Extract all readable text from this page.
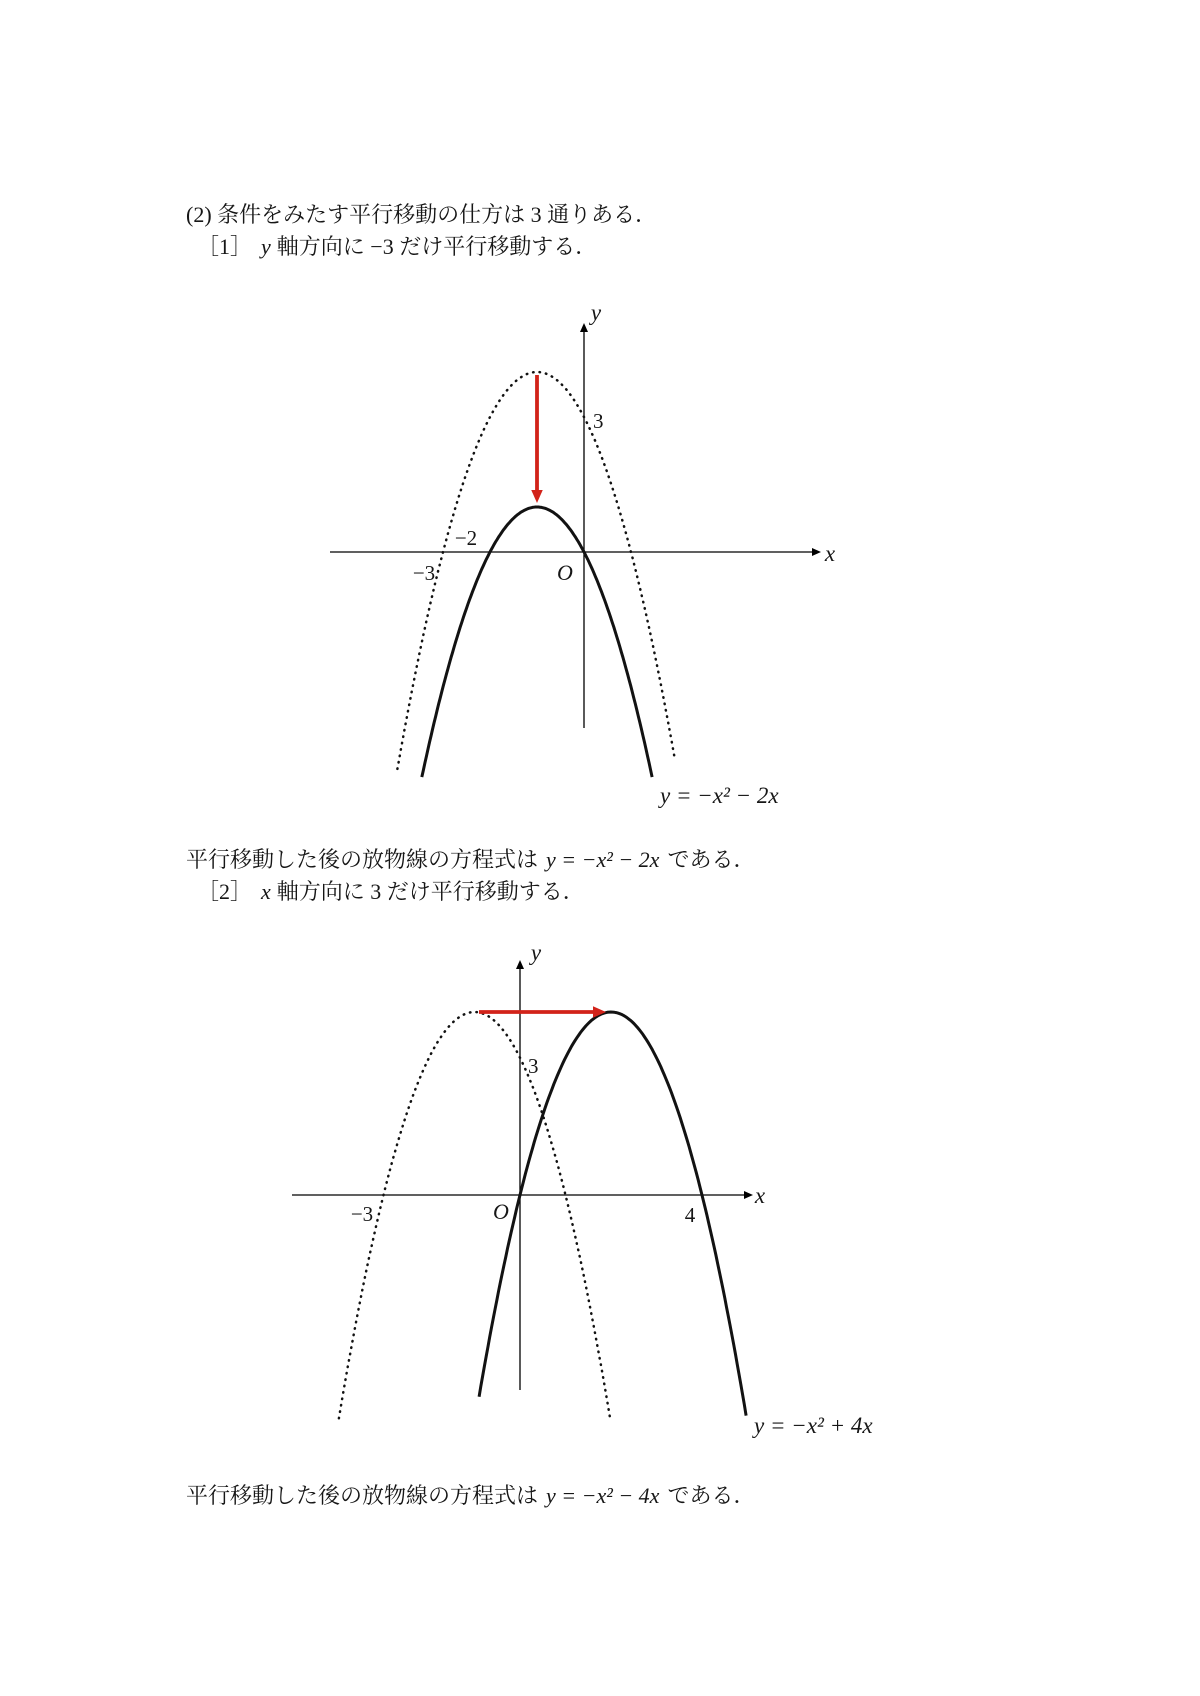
(2) 条件をみたす平行移動の仕方は 3 通りある．

［1］ y 軸方向に −3 だけ平行移動する．

y
x
3
−2
−3	O
y = −x² − 2x

平行移動した後の放物線の方程式は y = −x² − 2x である．

［2］ x 軸方向に 3 だけ平行移動する．

y
x
3
−3	O	4
y = −x² + 4x

平行移動した後の放物線の方程式は y = −x² − 4x である．
